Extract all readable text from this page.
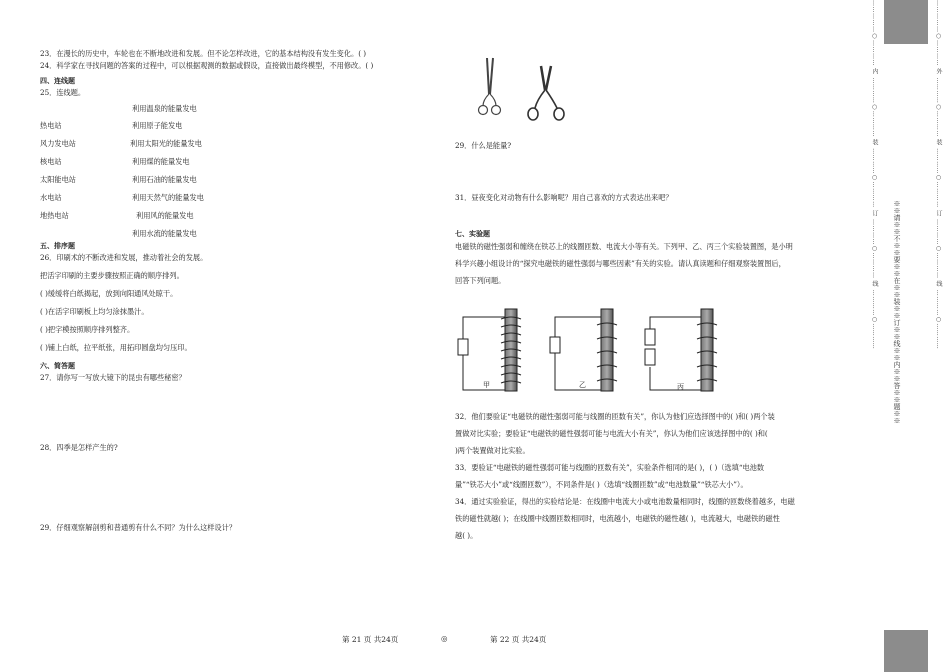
23．在漫长的历史中，车轮也在不断地改进和发展。但不论怎样改进，它的基本结构没有发生变化。( )

24．科学家在寻找问题的答案的过程中，可以根据观测的数据或假设，直接做出最终模型，不用修改。( )

四、连线题

25．连线题。

利用温泉的能量发电
热电站	利用原子能发电
风力发电站	利用太阳光的能量发电
核电站	利用煤的能量发电
太阳能电站	利用石油的能量发电
水电站	利用天然气的能量发电
地热电站	利用风的能量发电
利用水流的能量发电

五、排序题

26．印刷术的不断改进和发展，推动着社会的发展。

把活字印刷的主要步骤按照正确的顺序排列。

( )缓缓将白纸揭起，放到向阳通风处晾干。

( )在活字印刷板上均匀涂抹墨汁。

( )把字模按照顺序排列整齐。

( )铺上白纸，拉平纸张，用拓印圆盘均匀压印。

六、简答题

27．请你写一写放大镜下的昆虫有哪些秘密？

28．四季是怎样产生的?

29．仔细观察解剖剪和普通剪有什么不同？为什么这样设计？

29．什么是能量?

31．昼夜变化对动物有什么影响呢？用自己喜欢的方式表达出来吧？

七、实验题

电磁铁的磁性强弱和缠绕在铁芯上的线圈匝数、电流大小等有关。下列甲、乙、丙三个实验装置图，是小明

科学兴趣小组设计的“探究电磁铁的磁性强弱与哪些因素”有关的实验。请认真读题和仔细观察装置图后，

回答下列问题。

甲	乙	丙

32．他们要验证“电磁铁的磁性强弱可能与线圈的匝数有关”，你认为他们应选择图中的( )和( )两个装

置做对比实验；要验证“电磁铁的磁性强弱可能与电流大小有关”，你认为他们应该选择图中的( )和(

)两个装置做对比实验。

33．要验证“电磁铁的磁性强弱可能与线圈的匝数有关”，实验条件相同的是( )，( )（选填“电池数

量”“铁芯大小”或“线圈匝数”），不同条件是( )（选填“线圈匝数”或“电池数量”“铁芯大小”）。

34．通过实验验证，得出的实验结论是：在线圈中电流大小或电池数量相同时，线圈的匝数绕着越多，电磁

铁的磁性就越( )；在线圈中线圈匝数相同时，电流越小，电磁铁的磁性越( )，电流越大，电磁铁的磁性

越( )。

第 21 页 共24页	◎	第 22 页 共24页
……………○………… 内 …………○………… 装 …………○………… 订 …………○………… 线 …………○………… ※※请※※不※※要※※在※※装※※订※※线※※内※※答※※题※※	……………○………… 外 …………○………… 装 …………○………… 订 …………○………… 线 …………○…………
